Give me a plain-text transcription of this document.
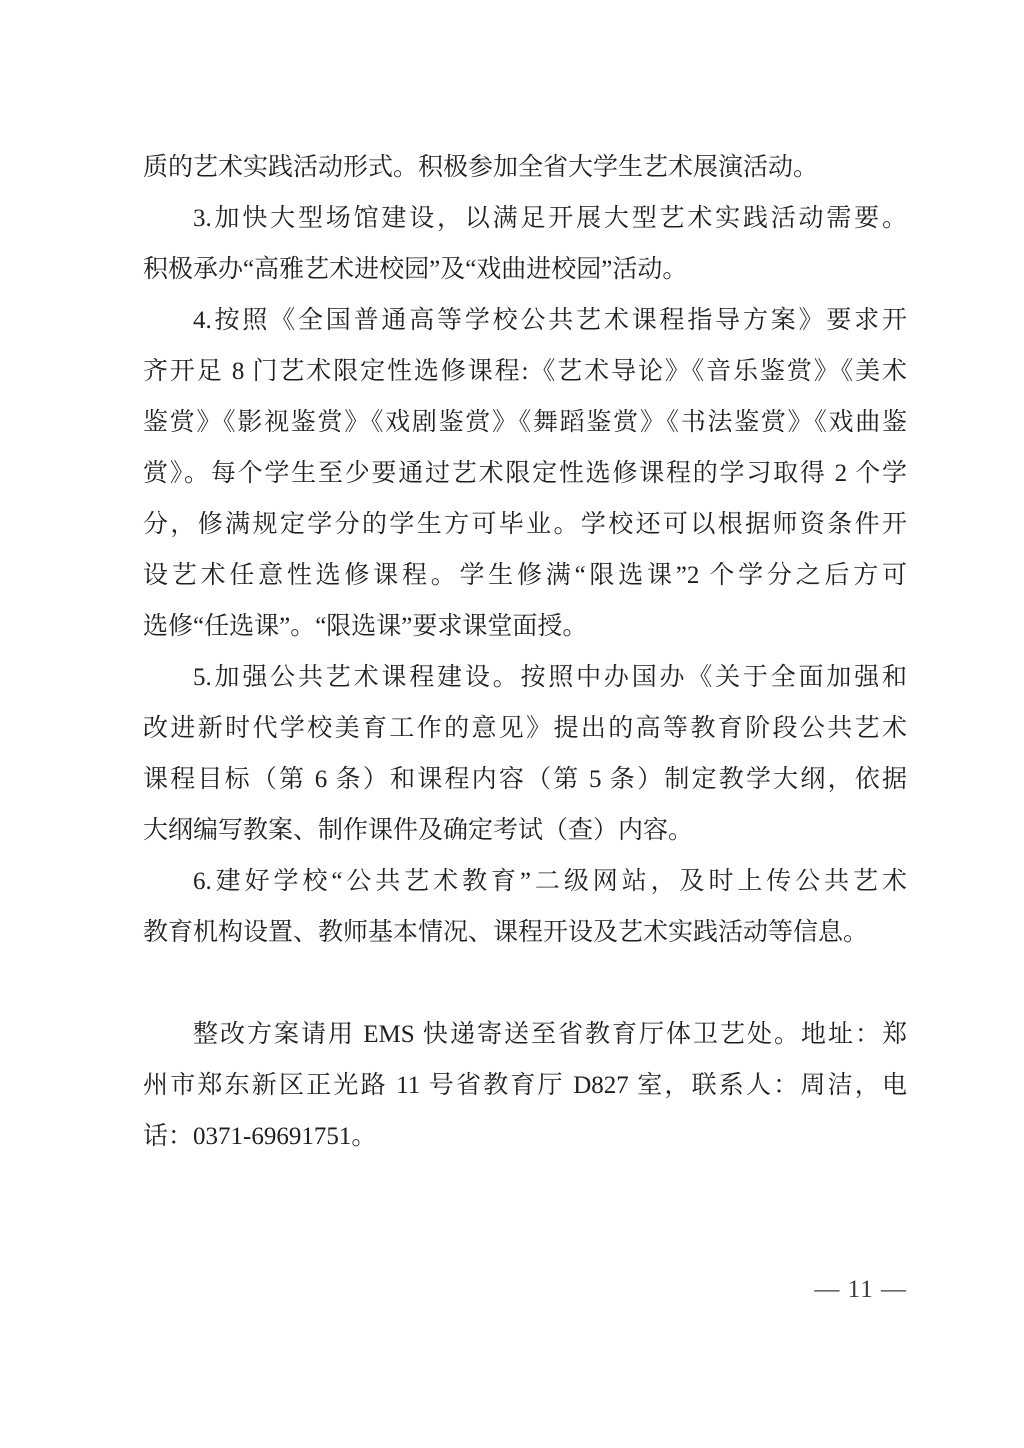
质的艺术实践活动形式。积极参加全省大学生艺术展演活动。
3.加快大型场馆建设，以满足开展大型艺术实践活动需要。
积极承办“高雅艺术进校园”及“戏曲进校园”活动。
4.按照《全国普通高等学校公共艺术课程指导方案》要求开
齐开足 8 门艺术限定性选修课程:《艺术导论》《音乐鉴赏》《美术
鉴赏》《影视鉴赏》《戏剧鉴赏》《舞蹈鉴赏》《书法鉴赏》《戏曲鉴
赏》。每个学生至少要通过艺术限定性选修课程的学习取得 2 个学
分，修满规定学分的学生方可毕业。学校还可以根据师资条件开
设艺术任意性选修课程。学生修满“限选课”2 个学分之后方可
选修“任选课”。“限选课”要求课堂面授。
5.加强公共艺术课程建设。按照中办国办《关于全面加强和
改进新时代学校美育工作的意见》提出的高等教育阶段公共艺术
课程目标（第 6 条）和课程内容（第 5 条）制定教学大纲，依据
大纲编写教案、制作课件及确定考试（查）内容。
6.建好学校“公共艺术教育”二级网站，及时上传公共艺术
教育机构设置、教师基本情况、课程开设及艺术实践活动等信息。
整改方案请用 EMS 快递寄送至省教育厅体卫艺处。地址：郑
州市郑东新区正光路 11 号省教育厅 D827 室，联系人：周洁，电
话：0371-69691751。
— 11 —
